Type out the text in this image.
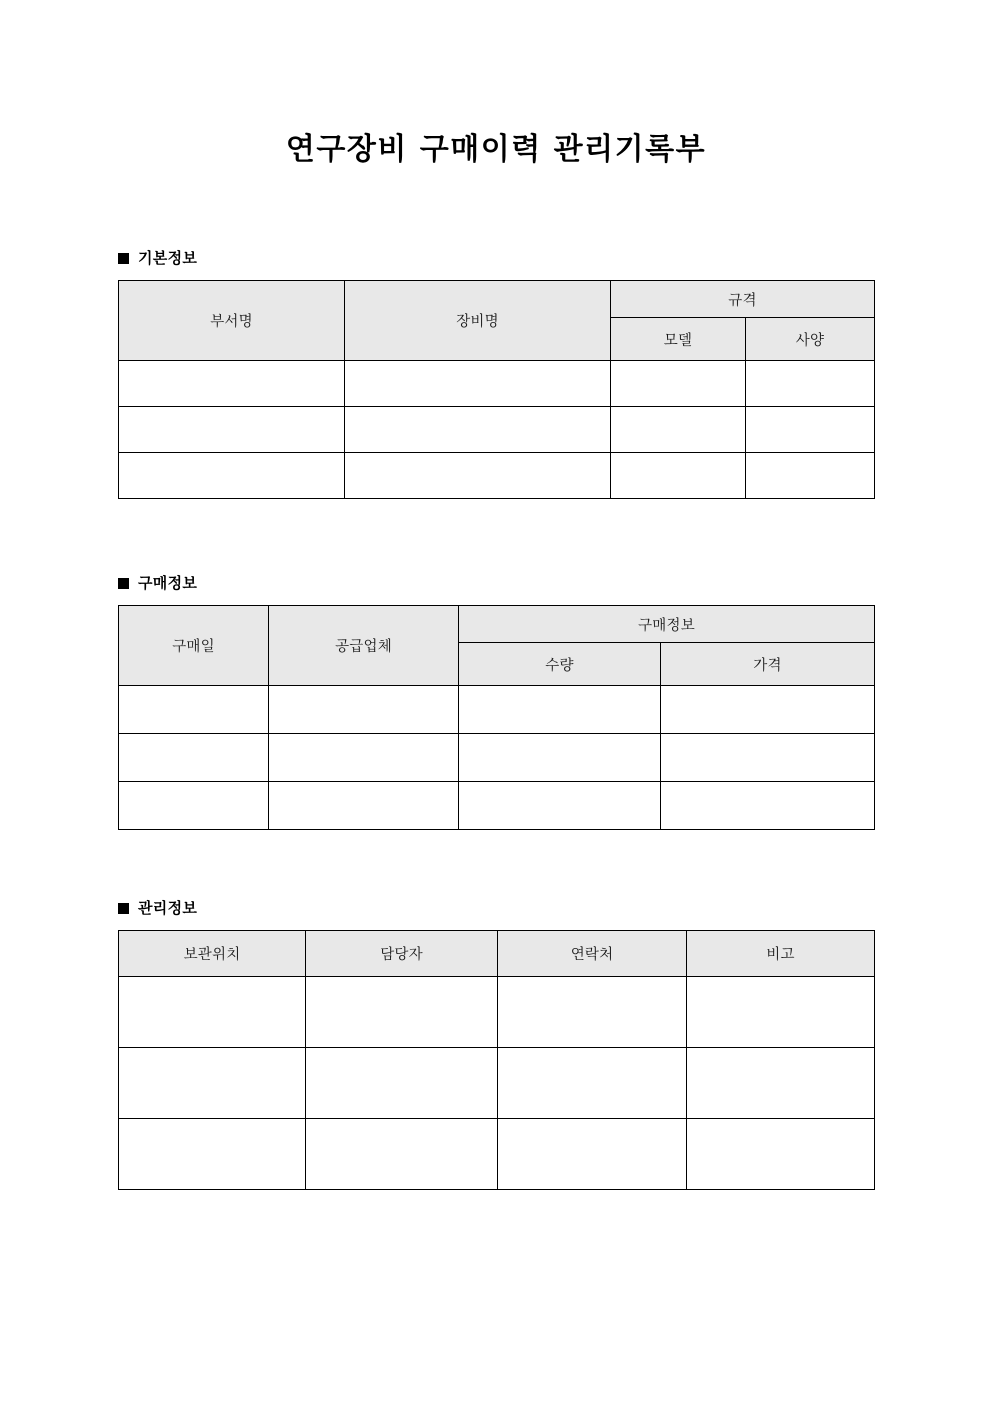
연구장비 구매이력 관리기록부
기본정보
부서명	장비명	규격	
		모델	사양

구매정보
구매일	공급업체	구매정보	
		수량	가격

관리정보
보관위치	담당자	연락처	비고
